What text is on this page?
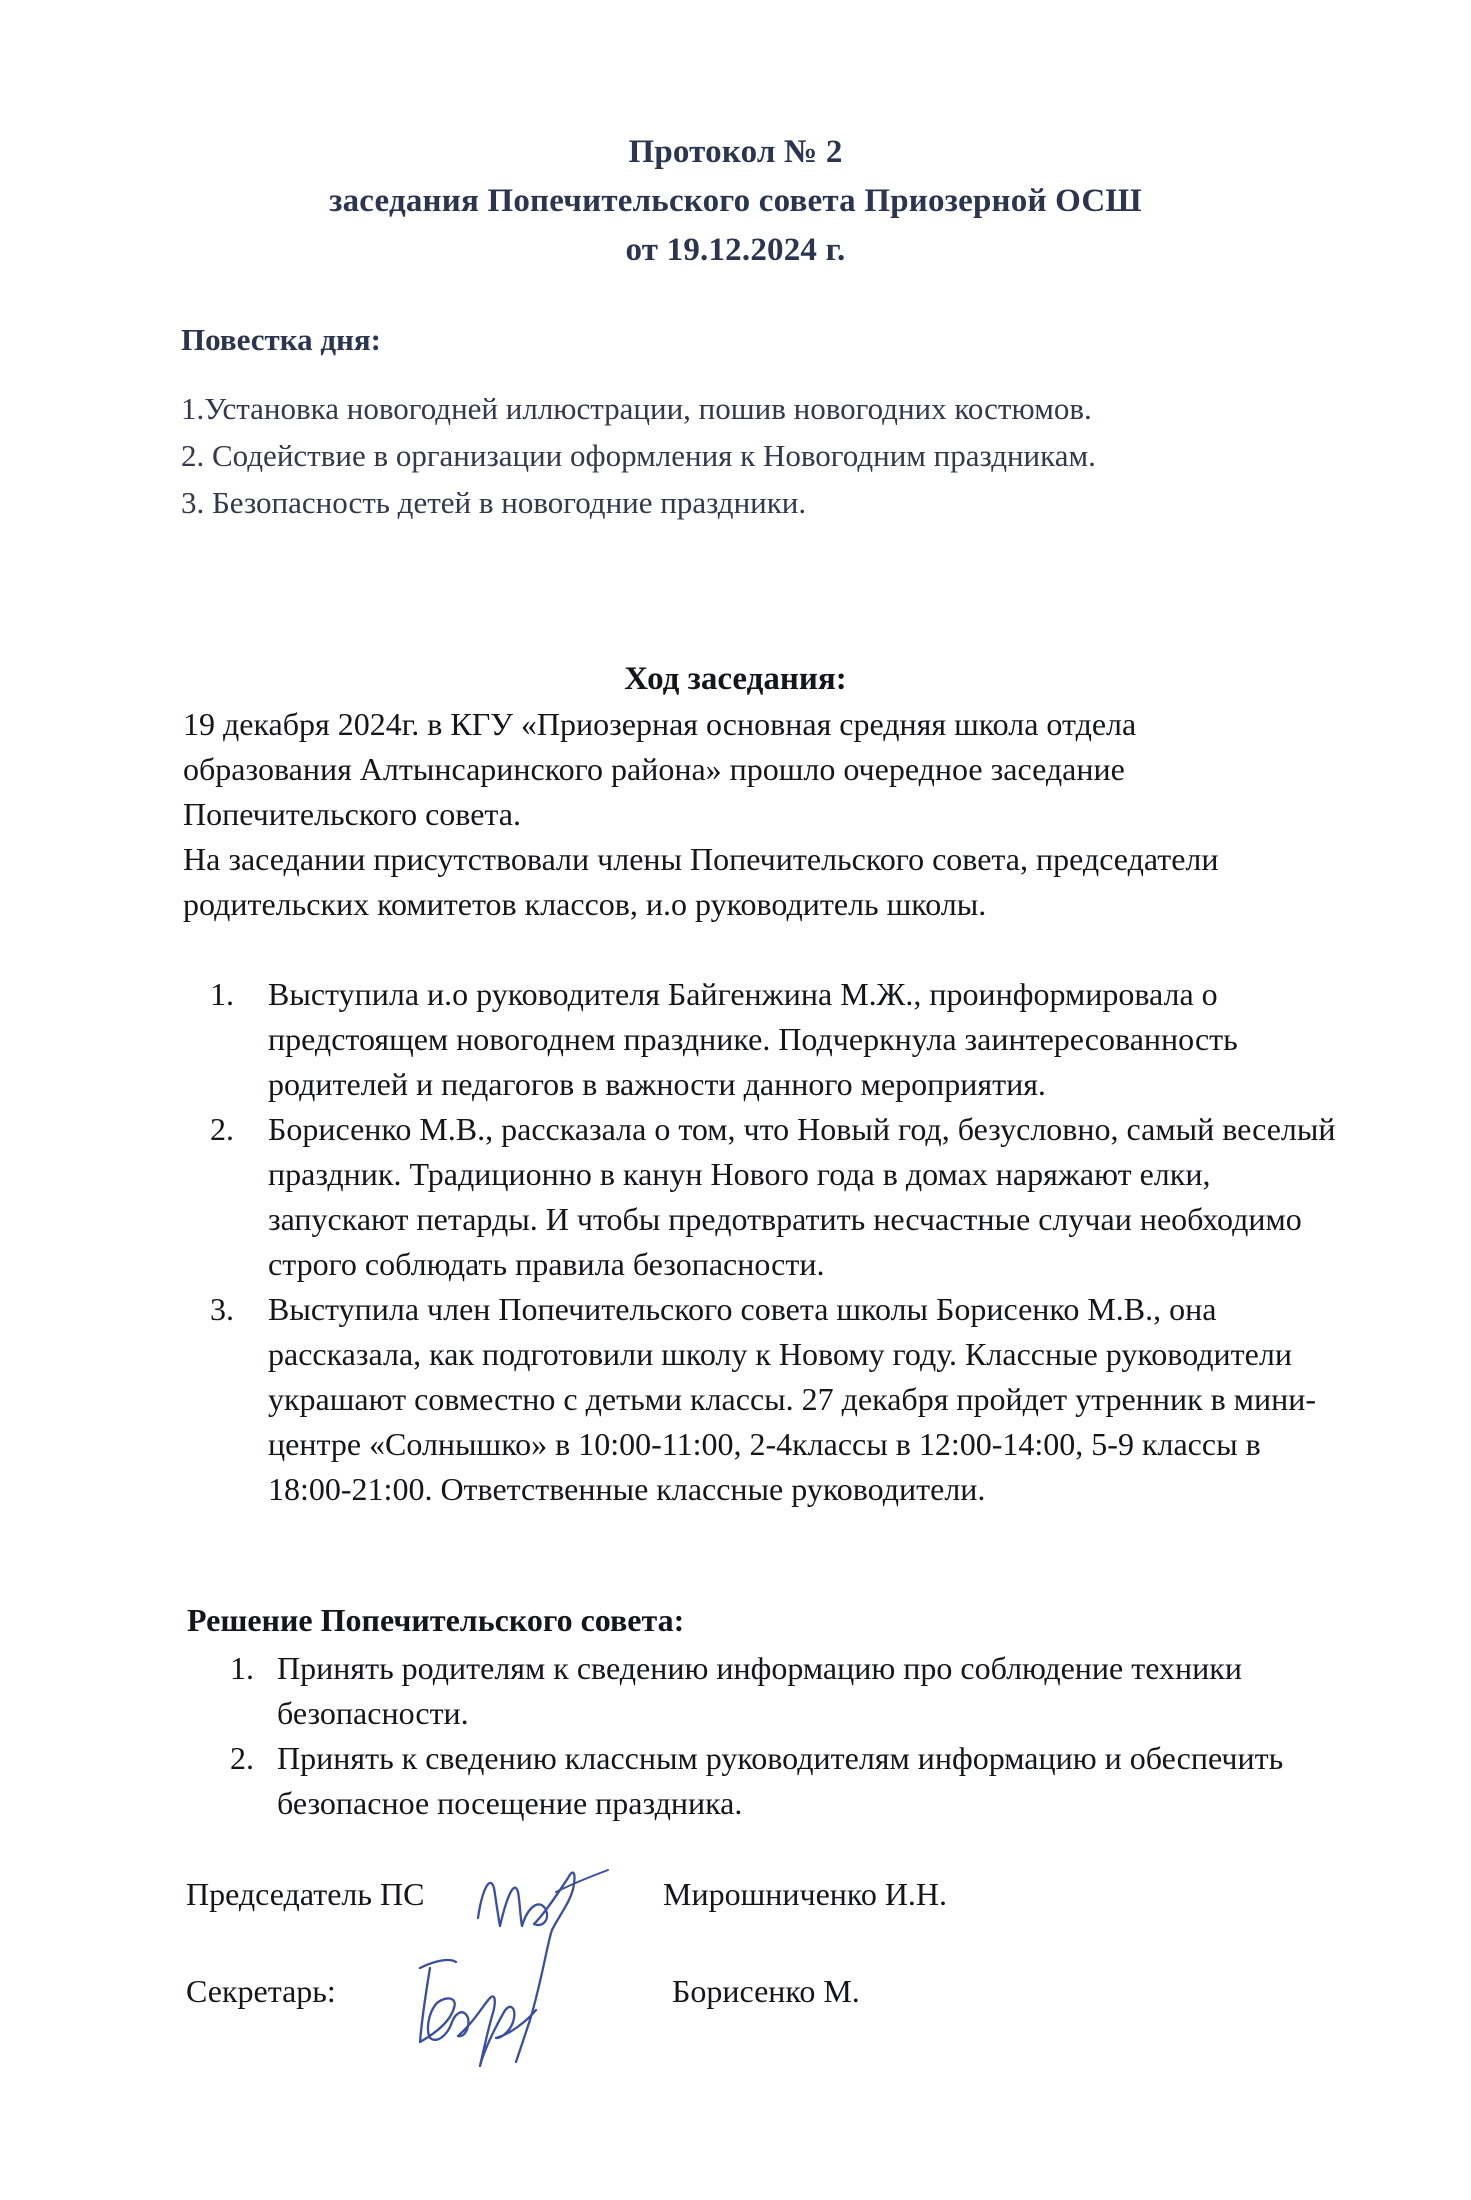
Протокол № 2
заседания Попечительского совета Приозерной ОСШ
от 19.12.2024 г.
Повестка дня:
1.Установка новогодней иллюстрации, пошив новогодних костюмов.
2. Содействие в организации оформления к Новогодним праздникам.
3. Безопасность детей в новогодние праздники.
Ход заседания:

19 декабря 2024г. в КГУ «Приозерная основная средняя школа отдела

образования Алтынсаринского района» прошло очередное заседание

Попечительского совета.

На заседании присутствовали члены Попечительского совета, председатели

родительских комитетов классов, и.о руководитель школы.

1.	Выступила и.о руководителя Байгенжина М.Ж., проинформировала о предстоящем новогоднем празднике. Подчеркнула заинтересованность родителей и педагогов в важности данного мероприятия.
2.	Борисенко М.В., рассказала о том, что Новый год, безусловно, самый веселый праздник. Традиционно в канун Нового года в домах наряжают елки, запускают петарды. И чтобы предотвратить несчастные случаи необходимо строго соблюдать правила безопасности.
3.	Выступила член Попечительского совета школы Борисенко М.В., она рассказала, как подготовили школу к Новому году. Классные руководители украшают совместно с детьми классы. 27 декабря пройдет утренник в мини-центре «Солнышко» в 10:00-11:00, 2-4классы в 12:00-14:00, 5-9 классы в 18:00-21:00. Ответственные классные руководители.
Решение Попечительского совета:
1. Принять родителям к сведению информацию про соблюдение техники безопасности.
2. Принять к сведению классным руководителям информацию и обеспечить безопасное посещение праздника.
Председатель ПС	Мирошниченко И.Н.
Секретарь:	Борисенко М.
